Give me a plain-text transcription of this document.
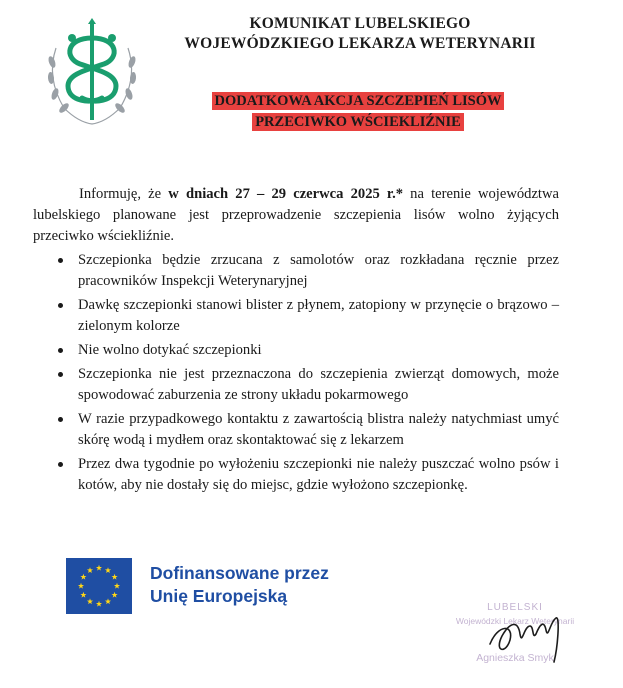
KOMUNIKAT LUBELSKIEGO
WOJEWÓDZKIEGO LEKARZA WETERYNARII
DODATKOWA AKCJA SZCZEPIEŃ LISÓW
PRZECIWKO WŚCIEKLIŹNIE
Informuję, że w dniach 27 – 29 czerwca 2025 r.* na terenie województwa lubelskiego planowane jest przeprowadzenie szczepienia lisów wolno żyjących przeciwko wściekliźnie.
Szczepionka będzie zrzucana z samolotów oraz rozkładana ręcznie przez pracowników Inspekcji Weterynaryjnej
Dawkę szczepionki stanowi blister z płynem, zatopiony w przynęcie o brązowo – zielonym kolorze
Nie wolno dotykać szczepionki
Szczepionka nie jest przeznaczona do szczepienia zwierząt domowych, może spowodować zaburzenia ze strony układu pokarmowego
W razie przypadkowego kontaktu z zawartością blistra należy natychmiast umyć skórę wodą i mydłem oraz skontaktować się z lekarzem
Przez dwa tygodnie po wyłożeniu szczepionki nie należy puszczać wolno psów i kotów, aby nie dostały się do miejsc, gdzie wyłożono szczepionkę.
Dofinansowane przez
Unię Europejską
LUBELSKI
Wojewódzki Lekarz Weterynarii
Agnieszka Smyk
